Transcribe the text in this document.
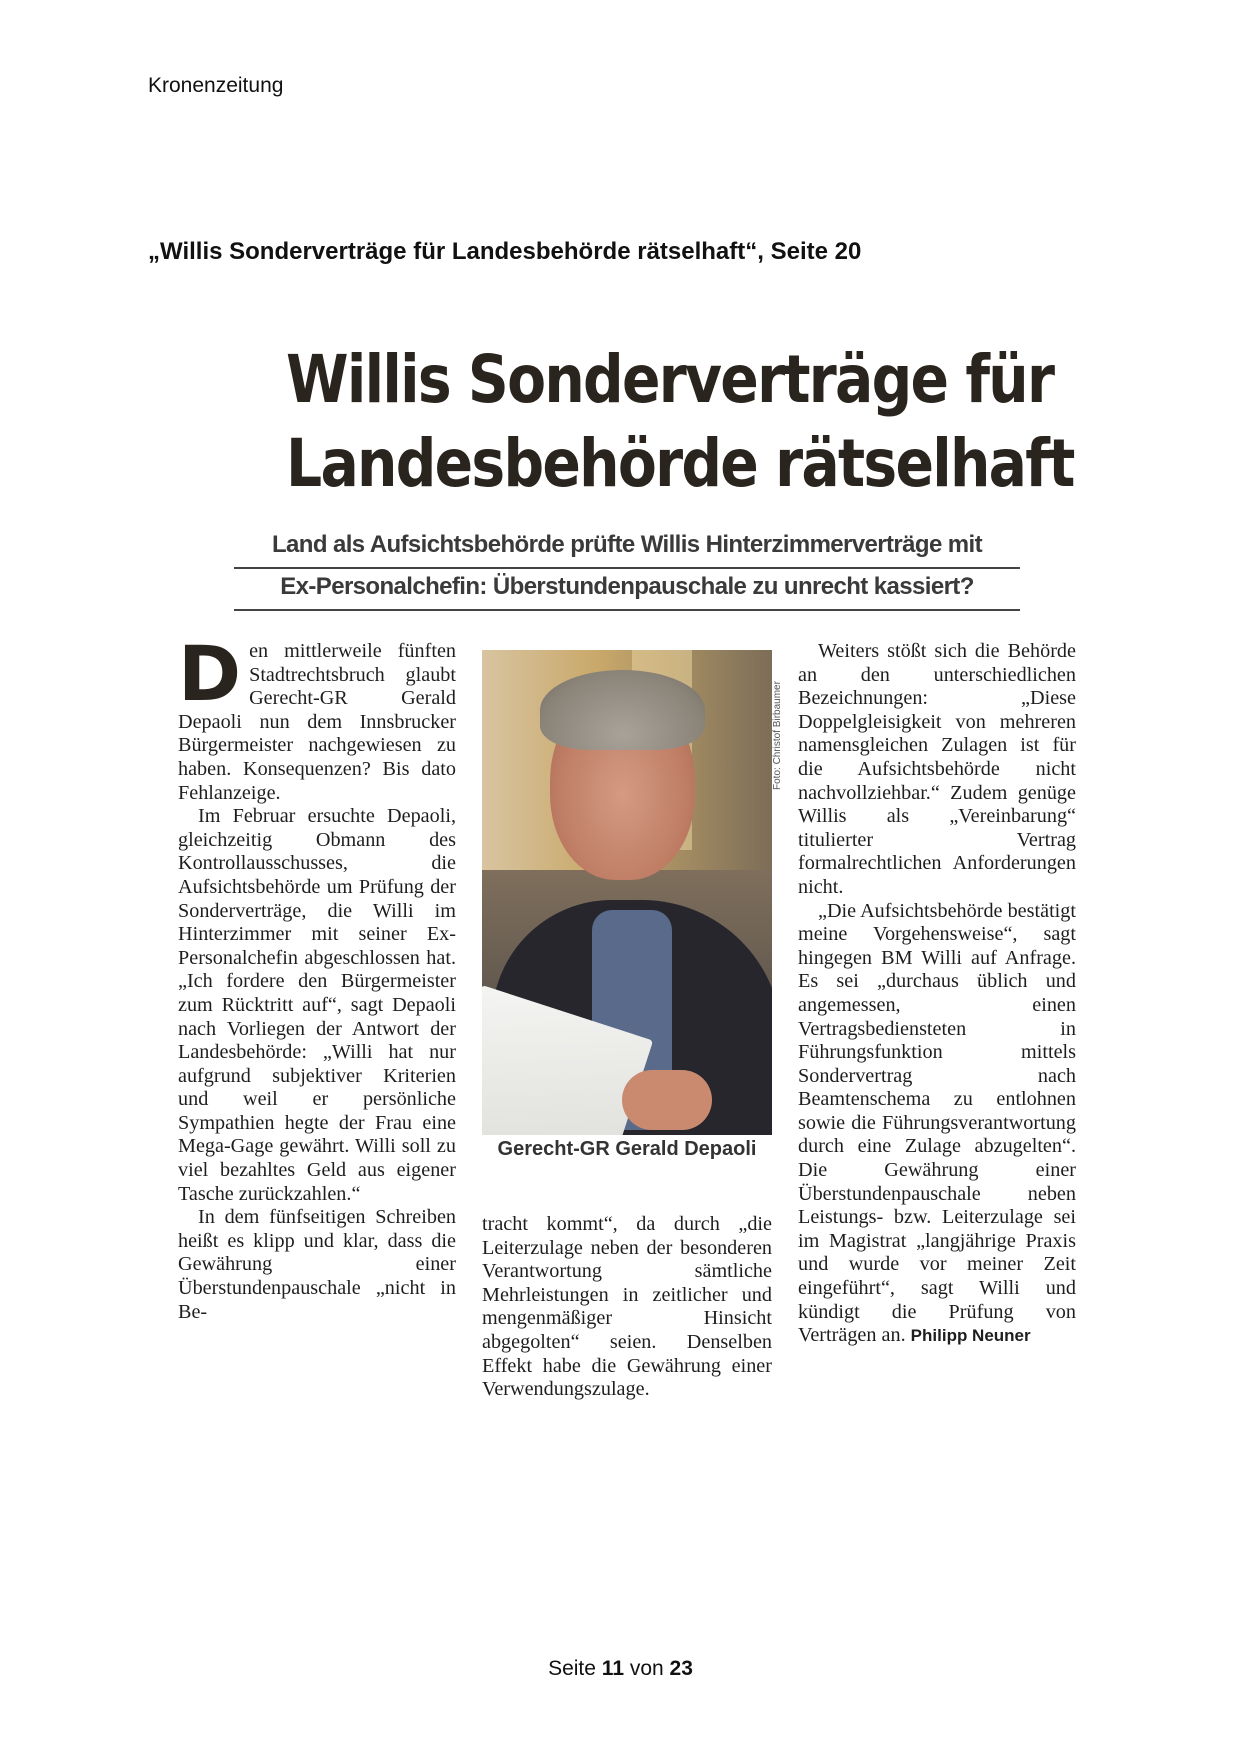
Kronenzeitung
„Willis Sonderverträge für Landesbehörde rätselhaft“, Seite 20
Willis Sonderverträge für
Landesbehörde rätselhaft
Land als Aufsichtsbehörde prüfte Willis Hinterzimmerverträge mit
Ex-Personalchefin: Überstundenpauschale zu unrecht kassiert?

Den mittlerweile fünften Stadtrechtsbruch glaubt Gerecht-GR Gerald Depaoli nun dem Innsbrucker Bürgermeister nachgewiesen zu haben. Konsequenzen? Bis dato Fehlanzeige.

Im Februar ersuchte Depaoli, gleichzeitig Obmann des Kontrollausschusses, die Aufsichtsbehörde um Prüfung der Sonderverträge, die Willi im Hinterzimmer mit seiner Ex-Personalchefin abgeschlossen hat. „Ich fordere den Bürgermeister zum Rücktritt auf“, sagt Depaoli nach Vorliegen der Antwort der Landesbehörde: „Willi hat nur aufgrund subjektiver Kriterien und weil er persönliche Sympathien hegte der Frau eine Mega-Gage gewährt. Willi soll zu viel bezahltes Geld aus eigener Tasche zurückzahlen.“

In dem fünfseitigen Schreiben heißt es klipp und klar, dass die Gewährung einer Überstundenpauschale „nicht in Be-

Foto: Christof Birbaumer
Gerecht-GR Gerald Depaoli

tracht kommt“, da durch „die Leiterzulage neben der besonderen Verantwortung sämtliche Mehrleistungen in zeitlicher und mengenmäßiger Hinsicht abgegolten“ seien. Denselben Effekt habe die Gewährung einer Verwendungszulage.

Weiters stößt sich die Behörde an den unterschiedlichen Bezeichnungen: „Diese Doppelgleisigkeit von mehreren namensgleichen Zulagen ist für die Aufsichtsbehörde nicht nachvollziehbar.“ Zudem genüge Willis als „Vereinbarung“ titulierter Vertrag formalrechtlichen Anforderungen nicht.

„Die Aufsichtsbehörde bestätigt meine Vorgehensweise“, sagt hingegen BM Willi auf Anfrage. Es sei „durchaus üblich und angemessen, einen Vertragsbediensteten in Führungsfunktion mittels Sondervertrag nach Beamtenschema zu entlohnen sowie die Führungsverantwortung durch eine Zulage abzugelten“. Die Gewährung einer Überstundenpauschale neben Leistungs- bzw. Leiterzulage sei im Magistrat „langjährige Praxis und wurde vor meiner Zeit eingeführt“, sagt Willi und kündigt die Prüfung von Verträgen an. Philipp Neuner

Seite 11 von 23
